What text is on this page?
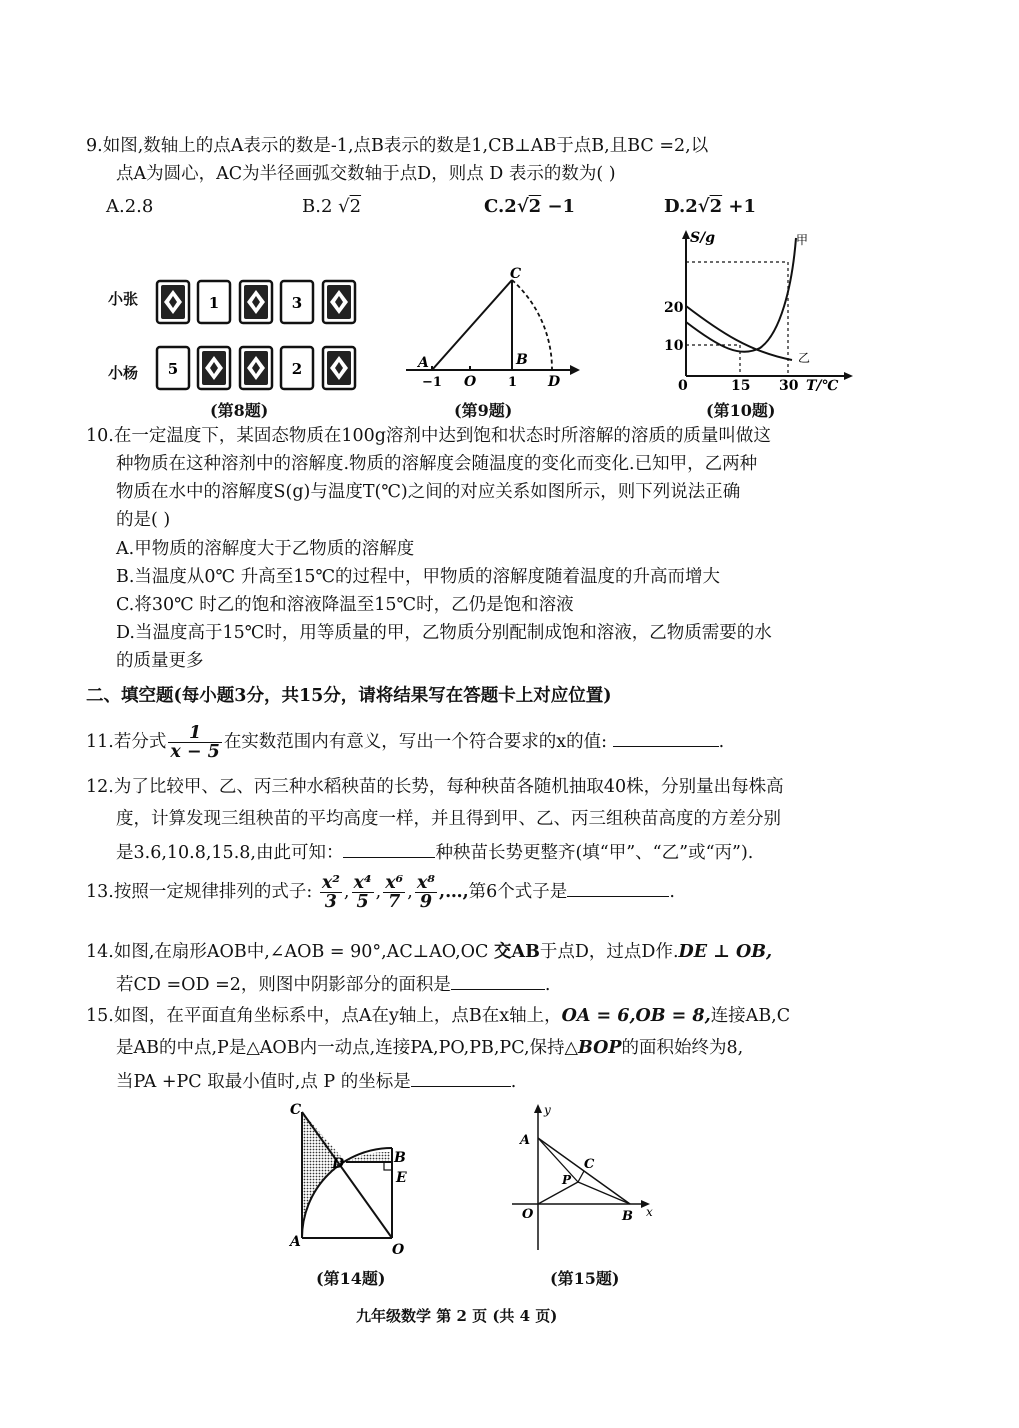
9.如图,数轴上的点A表示的数是-1,点B表示的数是1,CB⊥AB于点B,且BC =2,以
点A为圆心，AC为半径画弧交数轴于点D，则点 D 表示的数为( )
A.2.8	B.2 √2	C.2√2 −1	D.2√2 +1
小张
小杨
1	3
5	2
(第8题)
A	B
C
D
O
−1	1
(第9题)
S/g	甲
乙
20
10
0	15 30 T/℃
(第10题)
10.在一定温度下，某固态物质在100g溶剂中达到饱和状态时所溶解的溶质的质量叫做这
种物质在这种溶剂中的溶解度.物质的溶解度会随温度的变化而变化.已知甲，乙两种
物质在水中的溶解度S(g)与温度T(℃)之间的对应关系如图所示，则下列说法正确
的是( )
A.甲物质的溶解度大于乙物质的溶解度
B.当温度从0℃ 升高至15℃的过程中，甲物质的溶解度随着温度的升高而增大
C.将30℃ 时乙的饱和溶液降温至15℃时，乙仍是饱和溶液
D.当温度高于15℃时，用等质量的甲，乙物质分别配制成饱和溶液，乙物质需要的水
的质量更多
二、填空题(每小题3分，共15分，请将结果写在答题卡上对应位置)
11.若分式 $\frac{1}{x - 5}$ 在实数范围内有意义，写出一个符合要求的x的值:	.
12.为了比较甲、乙、丙三种水稻秧苗的长势，每种秧苗各随机抽取40株，分别量出每株高
度，计算发现三组秧苗的平均高度一样，并且得到甲、乙、丙三组秧苗高度的方差分别
是3.6,10.8,15.8,由此可知：	种秧苗长势更整齐(填“甲”、“乙”或“丙”).
13.按照一定规律排列的式子: $\frac{\text{x²}}{3}$ , $\frac{\text{x⁴}}{5}$ , $\frac{\text{x⁶}}{7}$ , $\frac{\text{x⁸}}{9}$ ,…,第6个式子是	.
14.如图,在扇形AOB中,∠AOB = 90°,AC⊥AO,OC 交AB于点D，过点D作.DE ⊥ OB,
若CD =OD =2，则图中阴影部分的面积是	.
15.如图，在平面直角坐标系中，点A在y轴上，点B在x轴上，OA = 6,OB = 8,连接AB,C
是AB的中点,P是△AOB内一动点,连接PA,PO,PB,PC,保持△BOP的面积始终为8,
当PA +PC 取最小值时,点 P 的坐标是	.
C
A	O
B
E
D
(第14题)
y
x
A
O	B
C
P
(第15题)
九年级数学 第 2 页 (共 4 页)
